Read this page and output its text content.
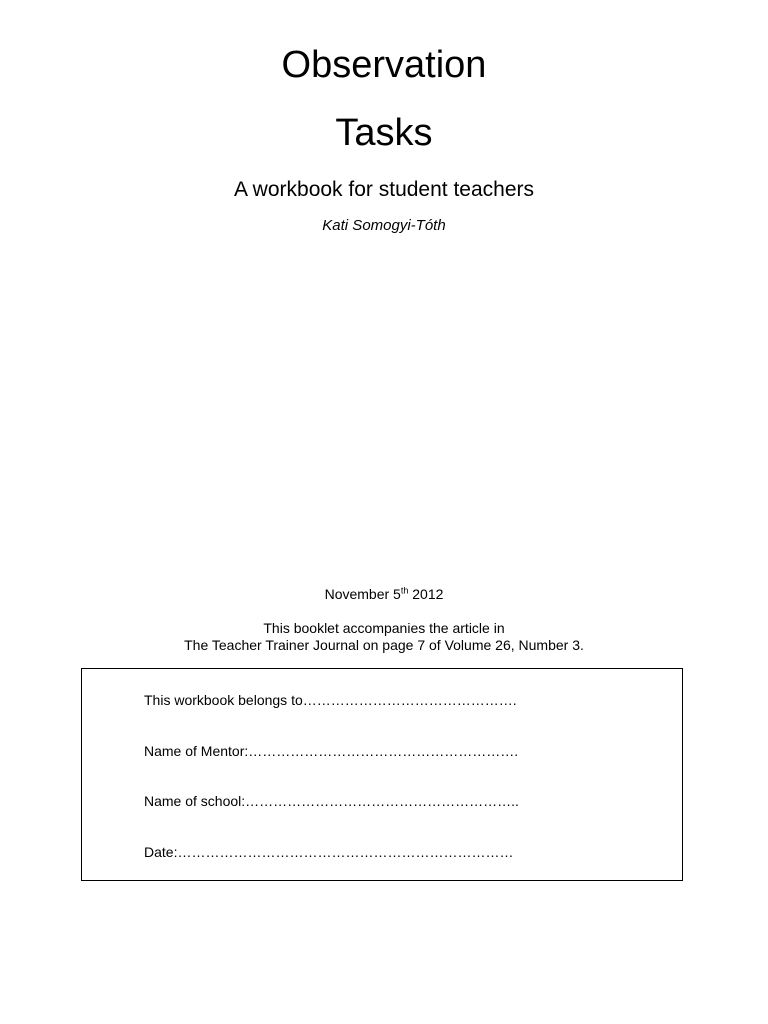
Observation
Tasks
A workbook for student teachers
Kati Somogyi-Tóth
November 5th 2012
This booklet accompanies the article in
The Teacher Trainer Journal on page 7 of Volume 26, Number 3.
This workbook belongs to……………………………………….
Name of Mentor:………………………………………………….
Name of school:…………………………………………………..
Date:………………………………………………………………
